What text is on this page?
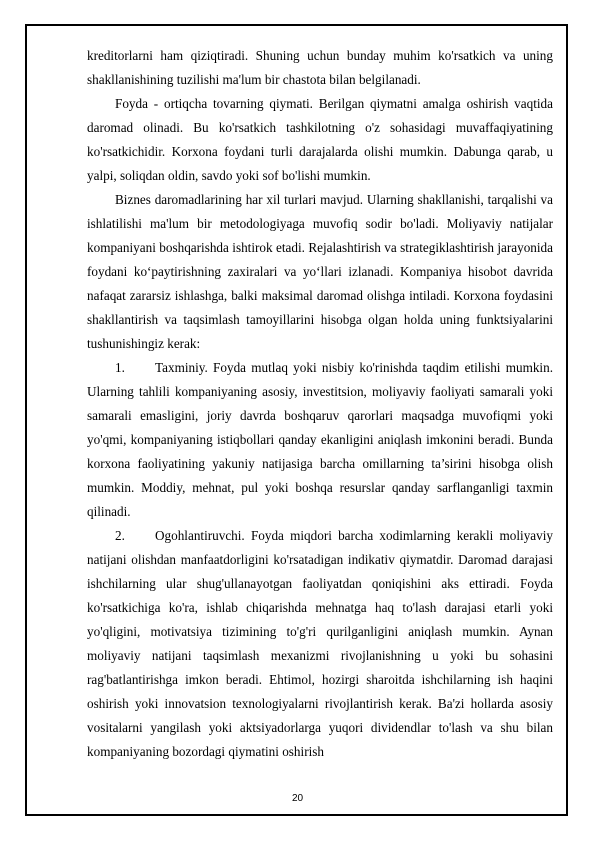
kreditorlarni ham qiziqtiradi. Shuning uchun bunday muhim ko'rsatkich va uning shakllanishining tuzilishi ma'lum bir chastota bilan belgilanadi.

Foyda - ortiqcha tovarning qiymati. Berilgan qiymatni amalga oshirish vaqtida daromad olinadi. Bu ko'rsatkich tashkilotning o'z sohasidagi muvaffaqiyatining ko'rsatkichidir. Korxona foydani turli darajalarda olishi mumkin. Dabunga qarab, u yalpi, soliqdan oldin, savdo yoki sof bo'lishi mumkin.

Biznes daromadlarining har xil turlari mavjud. Ularning shakllanishi, tarqalishi va ishlatilishi ma'lum bir metodologiyaga muvofiq sodir bo'ladi. Moliyaviy natijalar kompaniyani boshqarishda ishtirok etadi. Rejalashtirish va strategiklashtirish jarayonida foydani ko‘paytirishning zaxiralari va yo‘llari izlanadi. Kompaniya hisobot davrida nafaqat zararsiz ishlashga, balki maksimal daromad olishga intiladi. Korxona foydasini shakllantirish va taqsimlash tamoyillarini hisobga olgan holda uning funktsiyalarini tushunishingiz kerak:

1. Taxminiy. Foyda mutlaq yoki nisbiy ko'rinishda taqdim etilishi mumkin. Ularning tahlili kompaniyaning asosiy, investitsion, moliyaviy faoliyati samarali yoki samarali emasligini, joriy davrda boshqaruv qarorlari maqsadga muvofiqmi yoki yo'qmi, kompaniyaning istiqbollari qanday ekanligini aniqlash imkonini beradi. Bunda korxona faoliyatining yakuniy natijasiga barcha omillarning ta’sirini hisobga olish mumkin. Moddiy, mehnat, pul yoki boshqa resurslar qanday sarflanganligi taxmin qilinadi.

2. Ogohlantiruvchi. Foyda miqdori barcha xodimlarning kerakli moliyaviy natijani olishdan manfaatdorligini ko'rsatadigan indikativ qiymatdir. Daromad darajasi ishchilarning ular shug'ullanayotgan faoliyatdan qoniqishini aks ettiradi. Foyda ko'rsatkichiga ko'ra, ishlab chiqarishda mehnatga haq to'lash darajasi etarli yoki yo'qligini, motivatsiya tizimining to'g'ri qurilganligini aniqlash mumkin. Aynan moliyaviy natijani taqsimlash mexanizmi rivojlanishning u yoki bu sohasini rag'batlantirishga imkon beradi. Ehtimol, hozirgi sharoitda ishchilarning ish haqini oshirish yoki innovatsion texnologiyalarni rivojlantirish kerak. Ba'zi hollarda asosiy vositalarni yangilash yoki aktsiyadorlarga yuqori dividendlar to'lash va shu bilan kompaniyaning bozordagi qiymatini oshirish

20
